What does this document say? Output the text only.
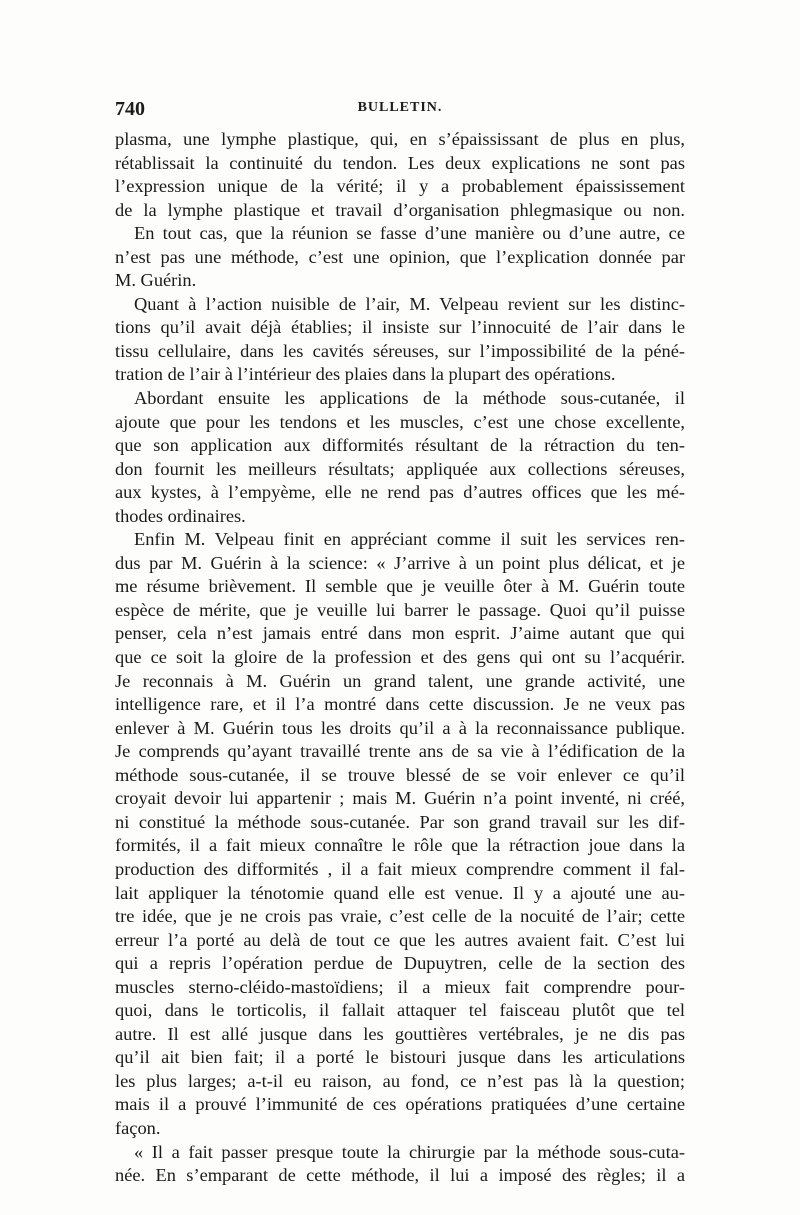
740	BULLETIN.
plasma, une lymphe plastique, qui, en s’épaississant de plus en plus,
rétablissait la continuité du tendon. Les deux explications ne sont pas
l’expression unique de la vérité; il y a probablement épaississement
de la lymphe plastique et travail d’organisation phlegmasique ou non.
En tout cas, que la réunion se fasse d’une manière ou d’une autre, ce
n’est pas une méthode, c’est une opinion, que l’explication donnée par
M. Guérin.
Quant à l’action nuisible de l’air, M. Velpeau revient sur les distinc-
tions qu’il avait déjà établies; il insiste sur l’innocuité de l’air dans le
tissu cellulaire, dans les cavités séreuses, sur l’impossibilité de la péné-
tration de l’air à l’intérieur des plaies dans la plupart des opérations.
Abordant ensuite les applications de la méthode sous-cutanée, il
ajoute que pour les tendons et les muscles, c’est une chose excellente,
que son application aux difformités résultant de la rétraction du ten-
don fournit les meilleurs résultats; appliquée aux collections séreuses,
aux kystes, à l’empyème, elle ne rend pas d’autres offices que les mé-
thodes ordinaires.
Enfin M. Velpeau finit en appréciant comme il suit les services ren-
dus par M. Guérin à la science: « J’arrive à un point plus délicat, et je
me résume brièvement. Il semble que je veuille ôter à M. Guérin toute
espèce de mérite, que je veuille lui barrer le passage. Quoi qu’il puisse
penser, cela n’est jamais entré dans mon esprit. J’aime autant que qui
que ce soit la gloire de la profession et des gens qui ont su l’acquérir.
Je reconnais à M. Guérin un grand talent, une grande activité, une
intelligence rare, et il l’a montré dans cette discussion. Je ne veux pas
enlever à M. Guérin tous les droits qu’il a à la reconnaissance publique.
Je comprends qu’ayant travaillé trente ans de sa vie à l’édification de la
méthode sous-cutanée, il se trouve blessé de se voir enlever ce qu’il
croyait devoir lui appartenir ; mais M. Guérin n’a point inventé, ni créé,
ni constitué la méthode sous-cutanée. Par son grand travail sur les dif-
formités, il a fait mieux connaître le rôle que la rétraction joue dans la
production des difformités , il a fait mieux comprendre comment il fal-
lait appliquer la ténotomie quand elle est venue. Il y a ajouté une au-
tre idée, que je ne crois pas vraie, c’est celle de la nocuité de l’air; cette
erreur l’a porté au delà de tout ce que les autres avaient fait. C’est lui
qui a repris l’opération perdue de Dupuytren, celle de la section des
muscles sterno-cléido-mastoïdiens; il a mieux fait comprendre pour-
quoi, dans le torticolis, il fallait attaquer tel faisceau plutôt que tel
autre. Il est allé jusque dans les gouttières vertébrales, je ne dis pas
qu’il ait bien fait; il a porté le bistouri jusque dans les articulations
les plus larges; a-t-il eu raison, au fond, ce n’est pas là la question;
mais il a prouvé l’immunité de ces opérations pratiquées d’une certaine
façon.
« Il a fait passer presque toute la chirurgie par la méthode sous-cuta-
née. En s’emparant de cette méthode, il lui a imposé des règles; il a
